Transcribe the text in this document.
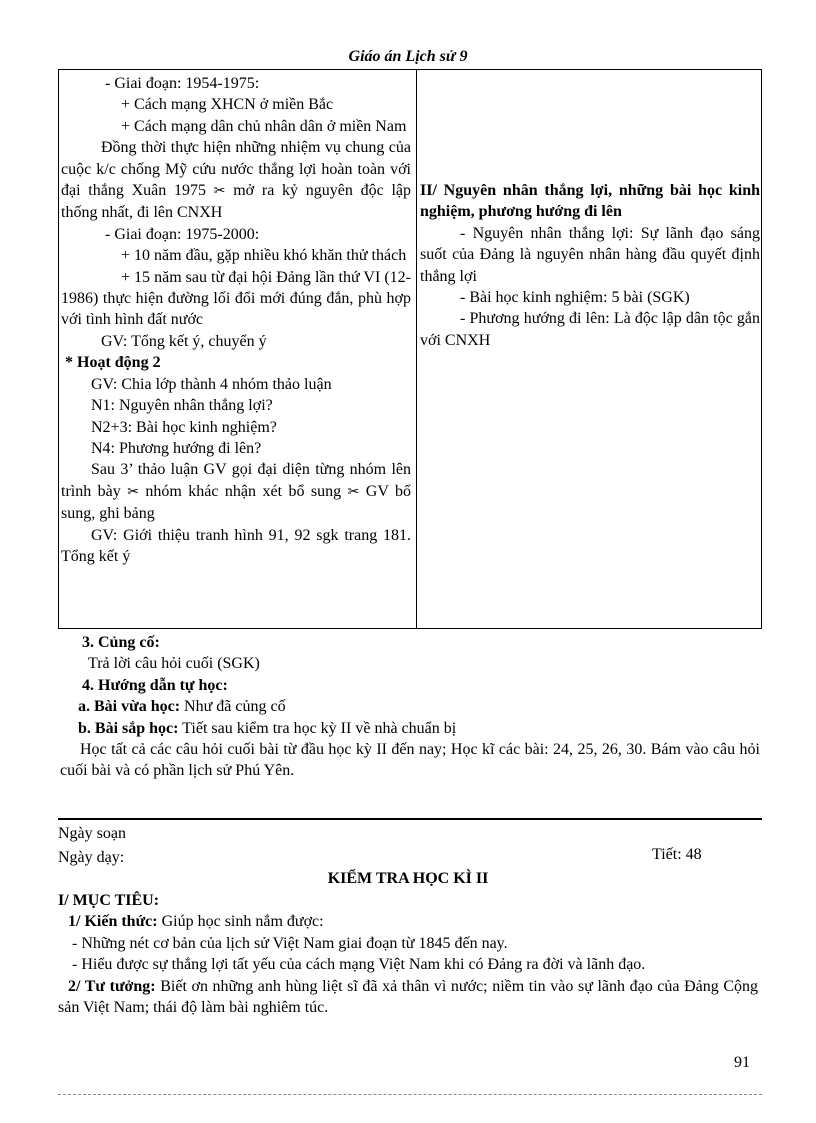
Giáo án Lịch sử 9
- Giai đoạn: 1954-1975:
+ Cách mạng XHCN ở miền Bắc
+ Cách mạng dân chủ nhân dân ở miền Nam
Đồng thời thực hiện những nhiệm vụ chung của cuộc k/c chống Mỹ cứu nước thắng lợi hoàn toàn với đại thắng Xuân 1975 ✂ mở ra kỷ nguyên độc lập thống nhất, đi lên CNXH
- Giai đoạn: 1975-2000:
+ 10 năm đầu, gặp nhiều khó khăn thử thách
+ 15 năm sau từ đại hội Đảng lần thứ VI (12-1986) thực hiện đường lối đổi mới đúng đắn, phù hợp với tình hình đất nước
GV: Tổng kết ý, chuyển ý
* Hoạt động 2
GV: Chia lớp thành 4 nhóm thảo luận
N1: Nguyên nhân thắng lợi?
N2+3: Bài học kinh nghiệm?
N4: Phương hướng đi lên?
Sau 3’ thảo luận GV gọi đại diện từng nhóm lên trình bày ✂ nhóm khác nhận xét bổ sung ✂ GV bổ sung, ghi bảng
GV: Giới thiệu tranh hình 91, 92 sgk trang 181. Tổng kết ý
II/ Nguyên nhân thắng lợi, những bài học kinh nghiệm, phương hướng đi lên
- Nguyên nhân thắng lợi: Sự lãnh đạo sáng suốt của Đảng là nguyên nhân hàng đầu quyết định thắng lợi
- Bài học kinh nghiệm: 5 bài (SGK)
- Phương hướng đi lên: Là độc lập dân tộc gắn với CNXH
3. Củng cố:
Trả lời câu hỏi cuối (SGK)
4. Hướng dẫn tự học:
a. Bài vừa học: Như đã củng cố
b. Bài sắp học: Tiết sau kiểm tra học kỳ II về nhà chuẩn bị
Học tất cả các câu hỏi cuối bài từ đầu học kỳ II đến nay; Học kĩ các bài: 24, 25, 26, 30. Bám vào câu hỏi cuối bài và có phần lịch sử Phú Yên.
Ngày soạn
Ngày dạy:	Tiết: 48
KIỂM TRA HỌC KÌ II
I/ MỤC TIÊU:
1/ Kiến thức: Giúp học sinh nắm được:
- Những nét cơ bản của lịch sử Việt Nam giai đoạn từ 1845 đến nay.
- Hiểu được sự thắng lợi tất yếu của cách mạng Việt Nam khi có Đảng ra đời và lãnh đạo.
2/ Tư tưởng: Biết ơn những anh hùng liệt sĩ đã xả thân vì nước; niềm tin vào sự lãnh đạo của Đảng Cộng sản Việt Nam; thái độ làm bài nghiêm túc.
91
